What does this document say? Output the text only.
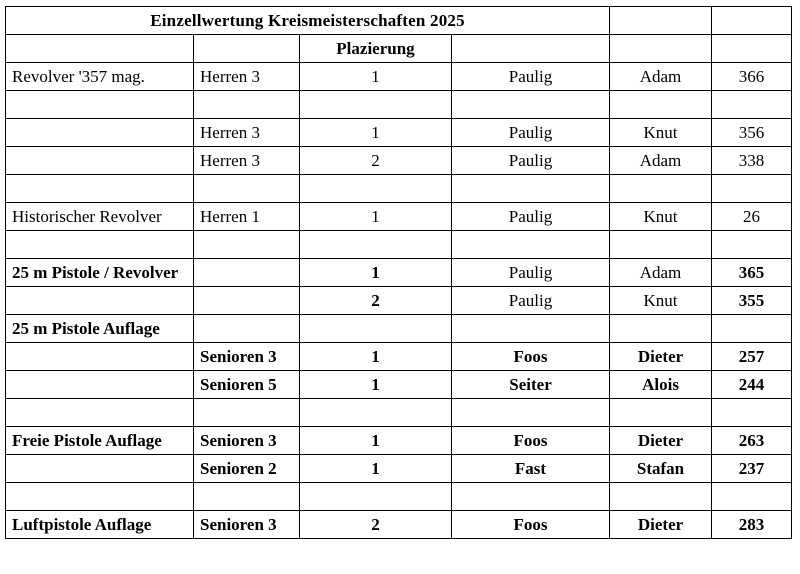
Einzellwertung Kreismeisterschaften 2025					
		Plazierung			
Revolver '357 mag.	Herren 3	1	Paulig	Adam	366

	Herren 3	1	Paulig	Knut	356
	Herren 3	2	Paulig	Adam	338

Historischer Revolver	Herren 1	1	Paulig	Knut	26

25 m Pistole / Revolver		1	Paulig	Adam	365
		2	Paulig	Knut	355
25 m Pistole Auflage					
	Senioren 3	1	Foos	Dieter	257
	Senioren 5	1	Seiter	Alois	244

Freie Pistole Auflage	Senioren 3	1	Foos	Dieter	263
	Senioren 2	1	Fast	Stafan	237

Luftpistole Auflage	Senioren 3	2	Foos	Dieter	283
